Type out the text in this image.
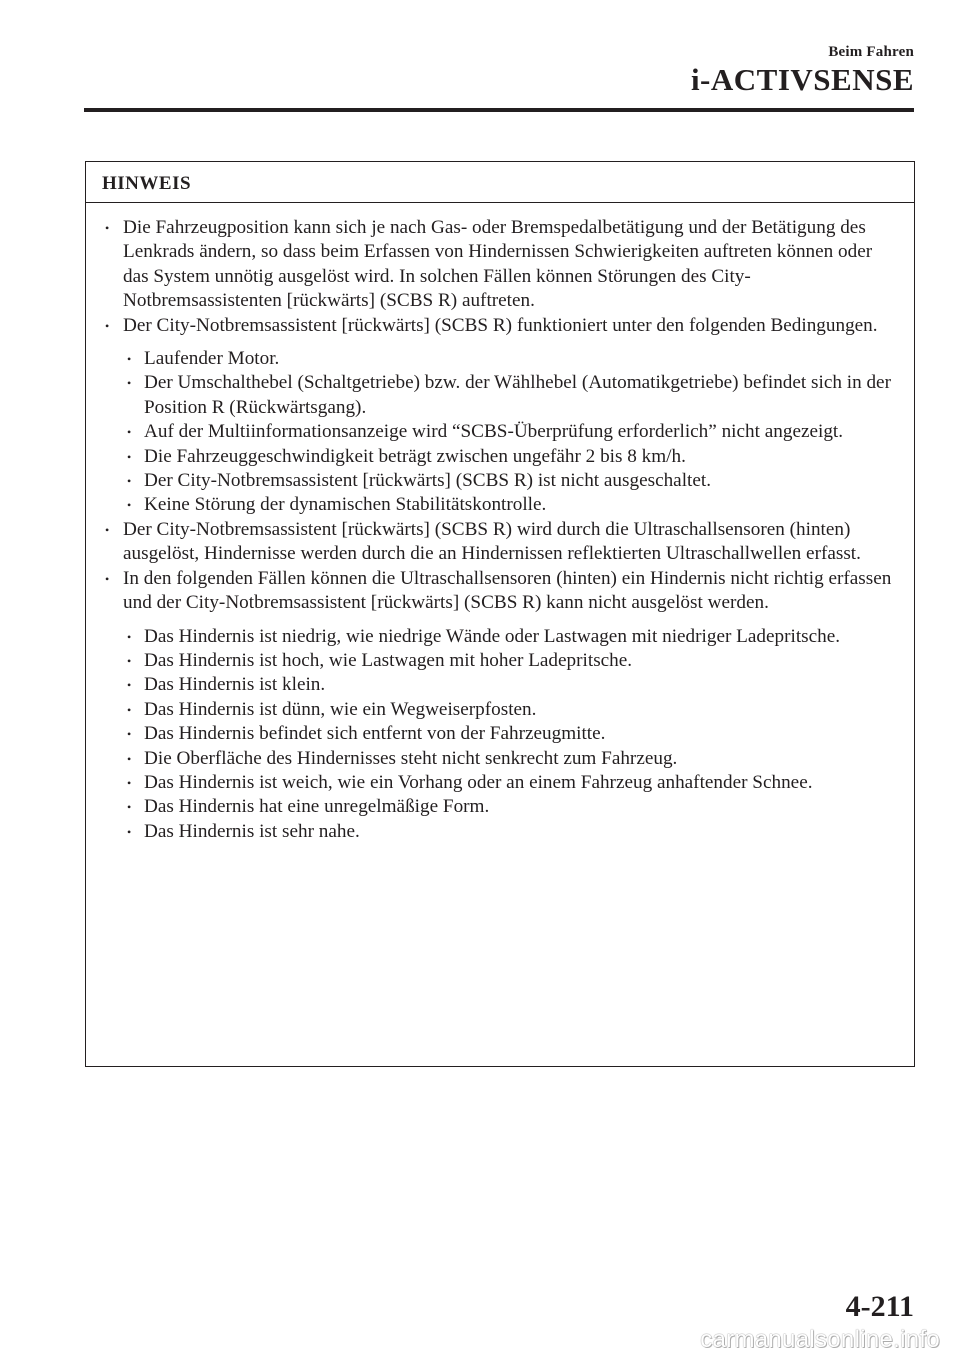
Beim Fahren
i-ACTIVSENSE
HINWEIS
• Die Fahrzeugposition kann sich je nach Gas- oder Bremspedalbetätigung und der Betätigung des Lenkrads ändern, so dass beim Erfassen von Hindernissen Schwierigkeiten auftreten können oder das System unnötig ausgelöst wird. In solchen Fällen können Störungen des City-Notbremsassistenten [rückwärts] (SCBS R) auftreten.
• Der City-Notbremsassistent [rückwärts] (SCBS R) funktioniert unter den folgenden Bedingungen.
• Laufender Motor.
• Der Umschalthebel (Schaltgetriebe) bzw. der Wählhebel (Automatikgetriebe) befindet sich in der Position R (Rückwärtsgang).
• Auf der Multiinformationsanzeige wird “SCBS-Überprüfung erforderlich” nicht angezeigt.
• Die Fahrzeuggeschwindigkeit beträgt zwischen ungefähr 2 bis 8 km/h.
• Der City-Notbremsassistent [rückwärts] (SCBS R) ist nicht ausgeschaltet.
• Keine Störung der dynamischen Stabilitätskontrolle.
• Der City-Notbremsassistent [rückwärts] (SCBS R) wird durch die Ultraschallsensoren (hinten) ausgelöst, Hindernisse werden durch die an Hindernissen reflektierten Ultraschallwellen erfasst.
• In den folgenden Fällen können die Ultraschallsensoren (hinten) ein Hindernis nicht richtig erfassen und der City-Notbremsassistent [rückwärts] (SCBS R) kann nicht ausgelöst werden.
• Das Hindernis ist niedrig, wie niedrige Wände oder Lastwagen mit niedriger Ladepritsche.
• Das Hindernis ist hoch, wie Lastwagen mit hoher Ladepritsche.
• Das Hindernis ist klein.
• Das Hindernis ist dünn, wie ein Wegweiserpfosten.
• Das Hindernis befindet sich entfernt von der Fahrzeugmitte.
• Die Oberfläche des Hindernisses steht nicht senkrecht zum Fahrzeug.
• Das Hindernis ist weich, wie ein Vorhang oder an einem Fahrzeug anhaftender Schnee.
• Das Hindernis hat eine unregelmäßige Form.
• Das Hindernis ist sehr nahe.
4-211
carmanualsonline.info
